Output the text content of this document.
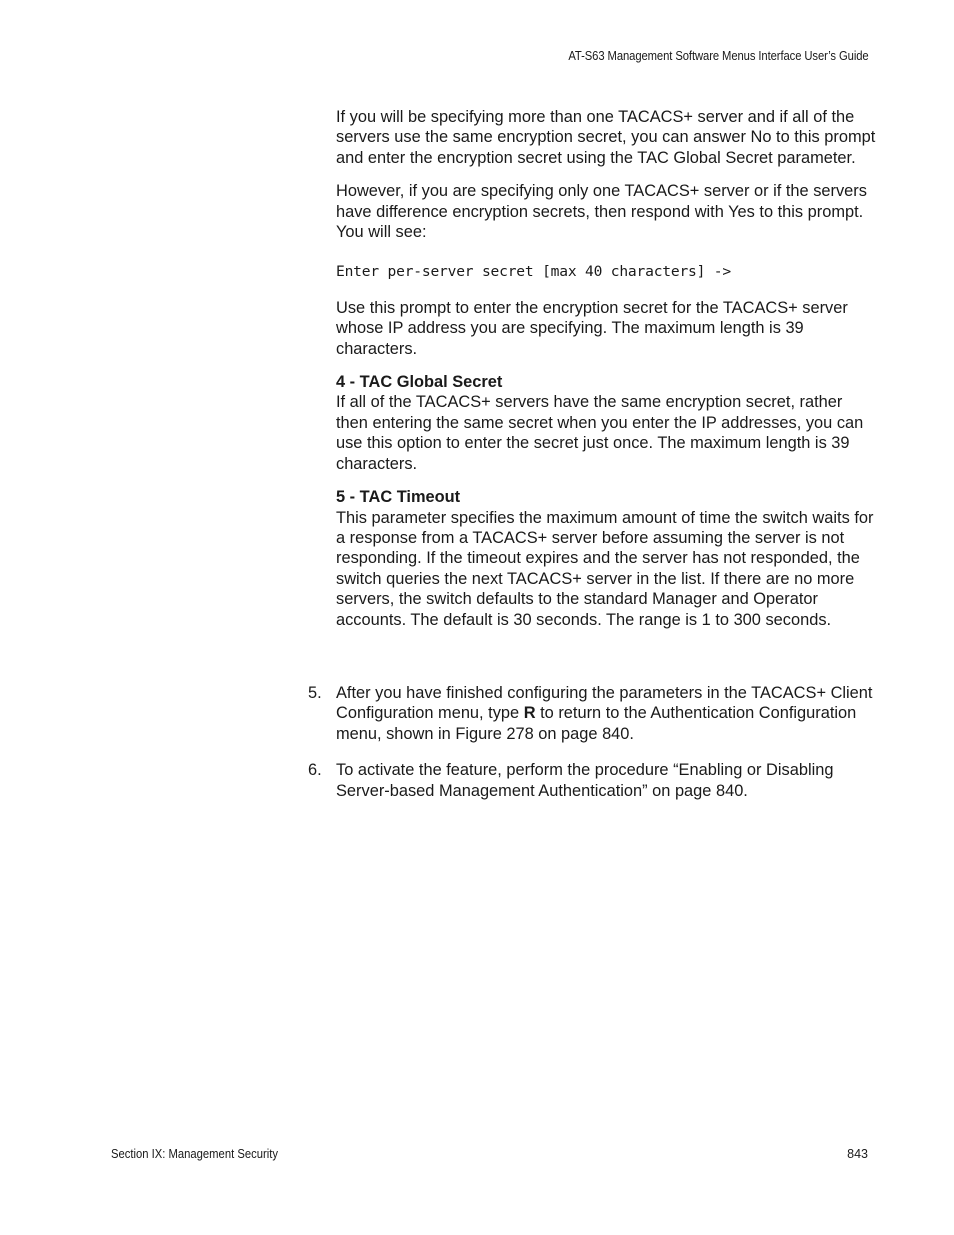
AT-S63 Management Software Menus Interface User’s Guide

If you will be specifying more than one TACACS+ server and if all of the servers use the same encryption secret, you can answer No to this prompt and enter the encryption secret using the TAC Global Secret parameter.

However, if you are specifying only one TACACS+ server or if the servers have difference encryption secrets, then respond with Yes to this prompt. You will see:

Enter per-server secret [max 40 characters] ->

Use this prompt to enter the encryption secret for the TACACS+ server whose IP address you are specifying. The maximum length is 39 characters.

4 - TAC Global Secret
If all of the TACACS+ servers have the same encryption secret, rather then entering the same secret when you enter the IP addresses, you can use this option to enter the secret just once. The maximum length is 39 characters.
5 - TAC Timeout
This parameter specifies the maximum amount of time the switch waits for a response from a TACACS+ server before assuming the server is not responding. If the timeout expires and the server has not responded, the switch queries the next TACACS+ server in the list. If there are no more servers, the switch defaults to the standard Manager and Operator accounts. The default is 30 seconds. The range is 1 to 300 seconds.
5. After you have finished configuring the parameters in the TACACS+ Client Configuration menu, type R to return to the Authentication Configuration menu, shown in Figure 278 on page 840.
6. To activate the feature, perform the procedure “Enabling or Disabling Server-based Management Authentication” on page 840.
Section IX: Management Security	843
